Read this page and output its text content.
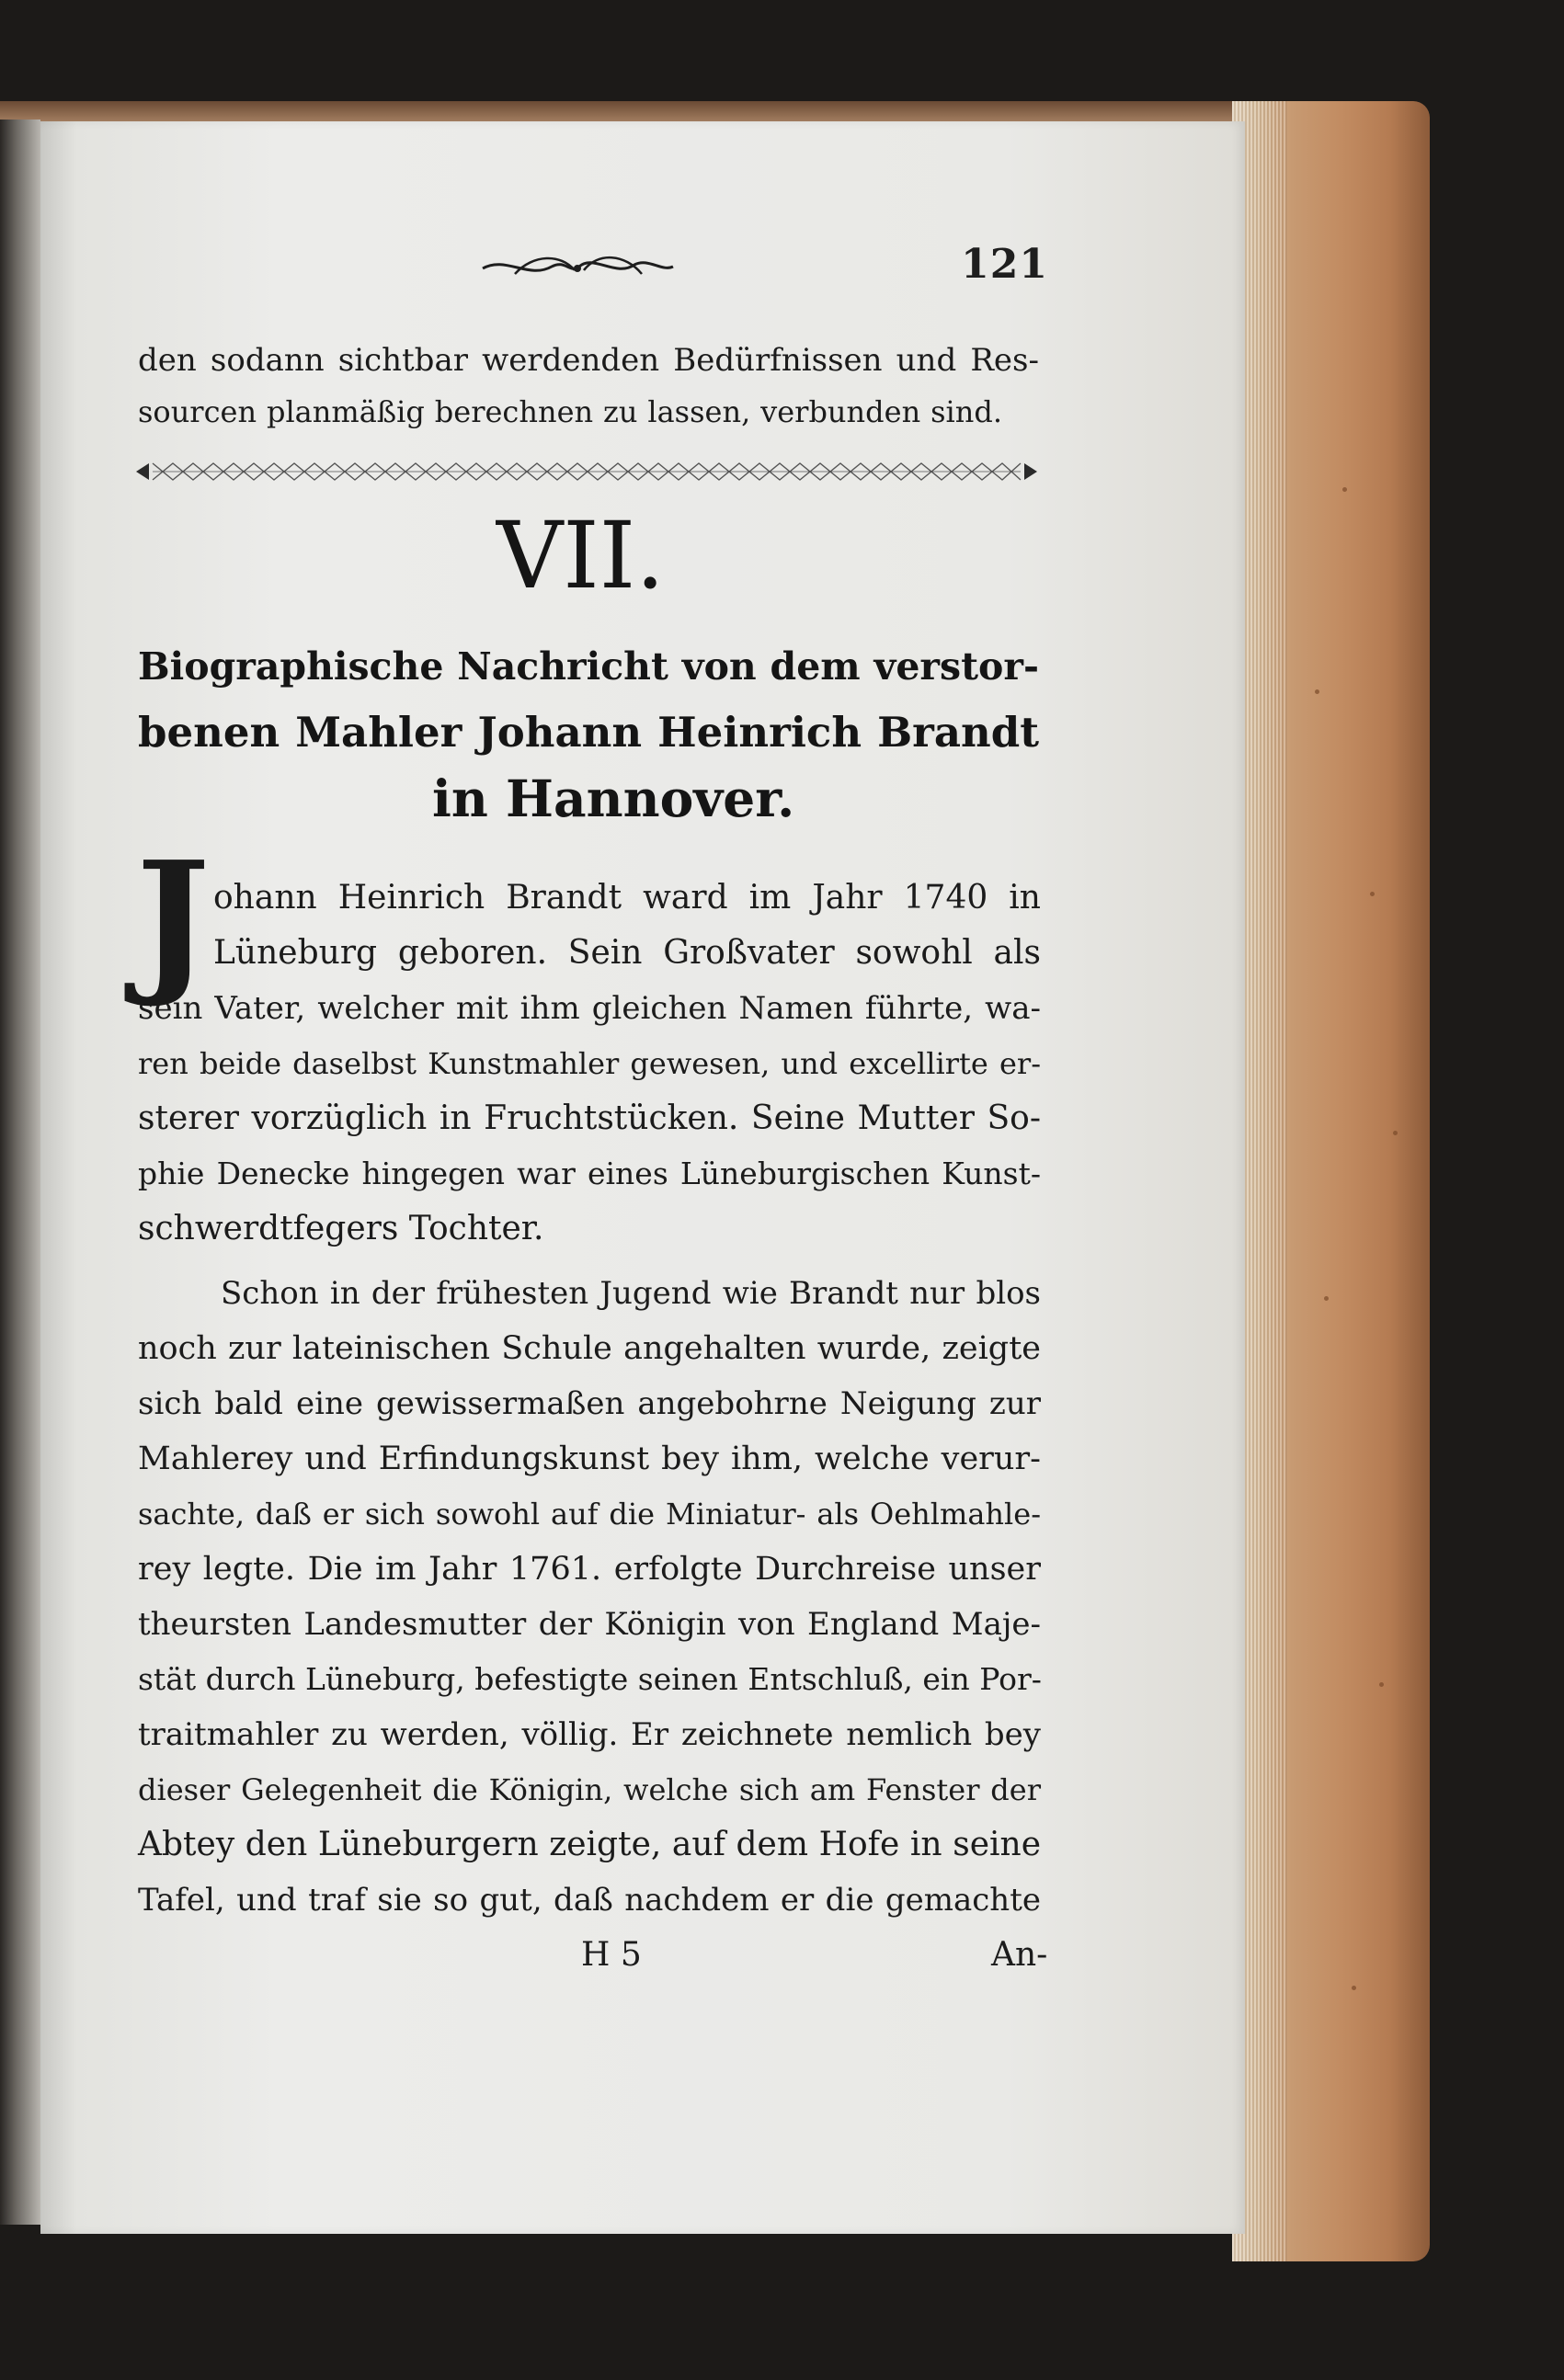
121
den sodann sichtbar werdenden Bedürfnissen und Res-
sourcen planmäßig berechnen zu lassen, verbunden sind.
VII.
Biographische Nachricht von dem verstor-
benen Mahler Johann Heinrich Brandt
in Hannover.
J ohann Heinrich Brandt ward im Jahr 1740 in
Lüneburg geboren. Sein Großvater sowohl als
sein Vater, welcher mit ihm gleichen Namen führte, wa-
ren beide daselbst Kunstmahler gewesen, und excellirte er-
sterer vorzüglich in Fruchtstücken. Seine Mutter So-
phie Denecke hingegen war eines Lüneburgischen Kunst-
schwerdtfegers Tochter.
Schon in der frühesten Jugend wie Brandt nur blos
noch zur lateinischen Schule angehalten wurde, zeigte
sich bald eine gewissermaßen angebohrne Neigung zur
Mahlerey und Erfindungskunst bey ihm, welche verur-
sachte, daß er sich sowohl auf die Miniatur- als Oehlmahle-
rey legte. Die im Jahr 1761. erfolgte Durchreise unser
theursten Landesmutter der Königin von England Maje-
stät durch Lüneburg, befestigte seinen Entschluß, ein Por-
traitmahler zu werden, völlig. Er zeichnete nemlich bey
dieser Gelegenheit die Königin, welche sich am Fenster der
Abtey den Lüneburgern zeigte, auf dem Hofe in seine
Tafel, und traf sie so gut, daß nachdem er die gemachte
H 5	An-
